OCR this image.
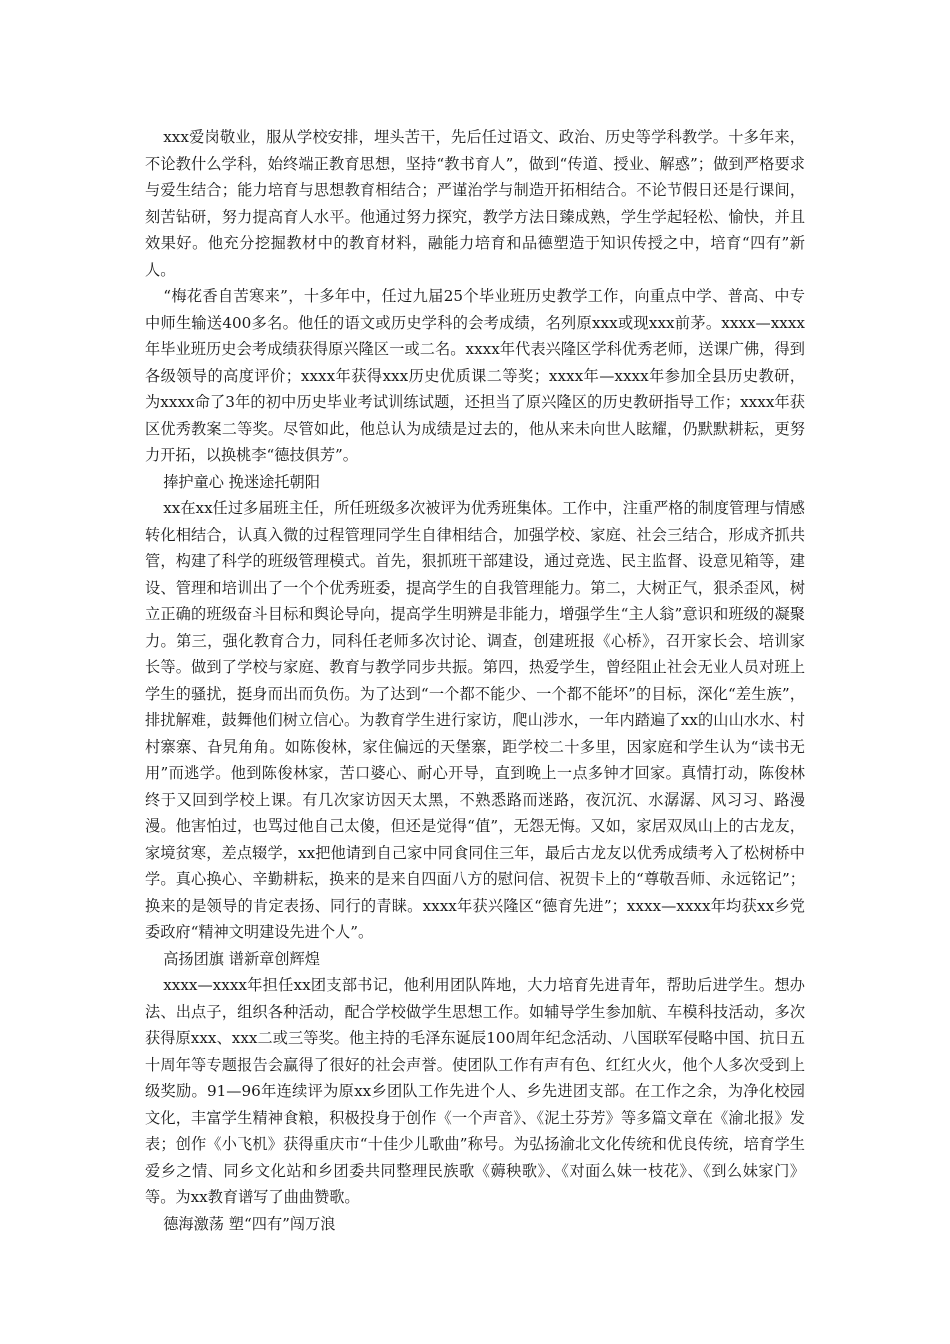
xxx爱岗敬业，服从学校安排，埋头苦干，先后任过语文、政治、历史等学科教学。十多年来，不论教什么学科，始终端正教育思想，坚持“教书育人”，做到“传道、授业、解惑”；做到严格要求与爱生结合；能力培育与思想教育相结合；严谨治学与制造开拓相结合。不论节假日还是行课间，刻苦钻研，努力提高育人水平。他通过努力探究，教学方法日臻成熟，学生学起轻松、愉快，并且效果好。他充分挖掘教材中的教育材料，融能力培育和品德塑造于知识传授之中，培育“四有”新人。

“梅花香自苦寒来”，十多年中，任过九届25个毕业班历史教学工作，向重点中学、普高、中专中师生输送400多名。他任的语文或历史学科的会考成绩，名列原xxx或现xxx前茅。xxxx—xxxx年毕业班历史会考成绩获得原兴隆区一或二名。xxxx年代表兴隆区学科优秀老师，送课广佛，得到各级领导的高度评价；xxxx年获得xxx历史优质课二等奖；xxxx年—xxxx年参加全县历史教研，为xxxx命了3年的初中历史毕业考试训练试题，还担当了原兴隆区的历史教研指导工作；xxxx年获区优秀教案二等奖。尽管如此，他总认为成绩是过去的，他从来未向世人眩耀，仍默默耕耘，更努力开拓，以换桃李“德技俱芳”。

捧护童心 挽迷途托朝阳

xx在xx任过多届班主任，所任班级多次被评为优秀班集体。工作中，注重严格的制度管理与情感转化相结合，认真入微的过程管理同学生自律相结合，加强学校、家庭、社会三结合，形成齐抓共管，构建了科学的班级管理模式。首先，狠抓班干部建设，通过竞选、民主监督、设意见箱等，建设、管理和培训出了一个个优秀班委，提高学生的自我管理能力。第二，大树正气，狠杀歪风，树立正确的班级奋斗目标和舆论导向，提高学生明辨是非能力，增强学生“主人翁”意识和班级的凝聚力。第三，强化教育合力，同科任老师多次讨论、调查，创建班报《心桥》，召开家长会、培训家长等。做到了学校与家庭、教育与教学同步共振。第四，热爱学生，曾经阻止社会无业人员对班上学生的骚扰，挺身而出而负伤。为了达到“一个都不能少、一个都不能坏”的目标，深化“差生族”，排扰解难，鼓舞他们树立信心。为教育学生进行家访，爬山涉水，一年内踏遍了xx的山山水水、村村寨寨、旮旯角角。如陈俊林，家住偏远的天堡寨，距学校二十多里，因家庭和学生认为“读书无用”而逃学。他到陈俊林家，苦口婆心、耐心开导，直到晚上一点多钟才回家。真情打动，陈俊林终于又回到学校上课。有几次家访因天太黑，不熟悉路而迷路，夜沉沉、水潺潺、风习习、路漫漫。他害怕过，也骂过他自己太傻，但还是觉得“值”，无怨无悔。又如，家居双凤山上的古龙友，家境贫寒，差点辍学，xx把他请到自己家中同食同住三年，最后古龙友以优秀成绩考入了松树桥中学。真心换心、辛勤耕耘，换来的是来自四面八方的慰问信、祝贺卡上的“尊敬吾师、永远铭记”；换来的是领导的肯定表扬、同行的青睐。xxxx年获兴隆区“德育先进”；xxxx—xxxx年均获xx乡党委政府“精神文明建设先进个人”。

高扬团旗 谱新章创辉煌

xxxx—xxxx年担任xx团支部书记，他利用团队阵地，大力培育先进青年，帮助后进学生。想办法、出点子，组织各种活动，配合学校做学生思想工作。如辅导学生参加航、车模科技活动，多次获得原xxx、xxx二或三等奖。他主持的毛泽东诞辰100周年纪念活动、八国联军侵略中国、抗日五十周年等专题报告会赢得了很好的社会声誉。使团队工作有声有色、红红火火，他个人多次受到上级奖励。91—96年连续评为原xx乡团队工作先进个人、乡先进团支部。在工作之余，为净化校园文化，丰富学生精神食粮，积极投身于创作《一个声音》、《泥土芬芳》等多篇文章在《渝北报》发表；创作《小飞机》获得重庆市“十佳少儿歌曲”称号。为弘扬渝北文化传统和优良传统，培育学生爱乡之情、同乡文化站和乡团委共同整理民族歌《薅秧歌》、《对面么妹一枝花》、《到么妹家门》等。为xx教育谱写了曲曲赞歌。

德海激荡 塑“四有”闯万浪
